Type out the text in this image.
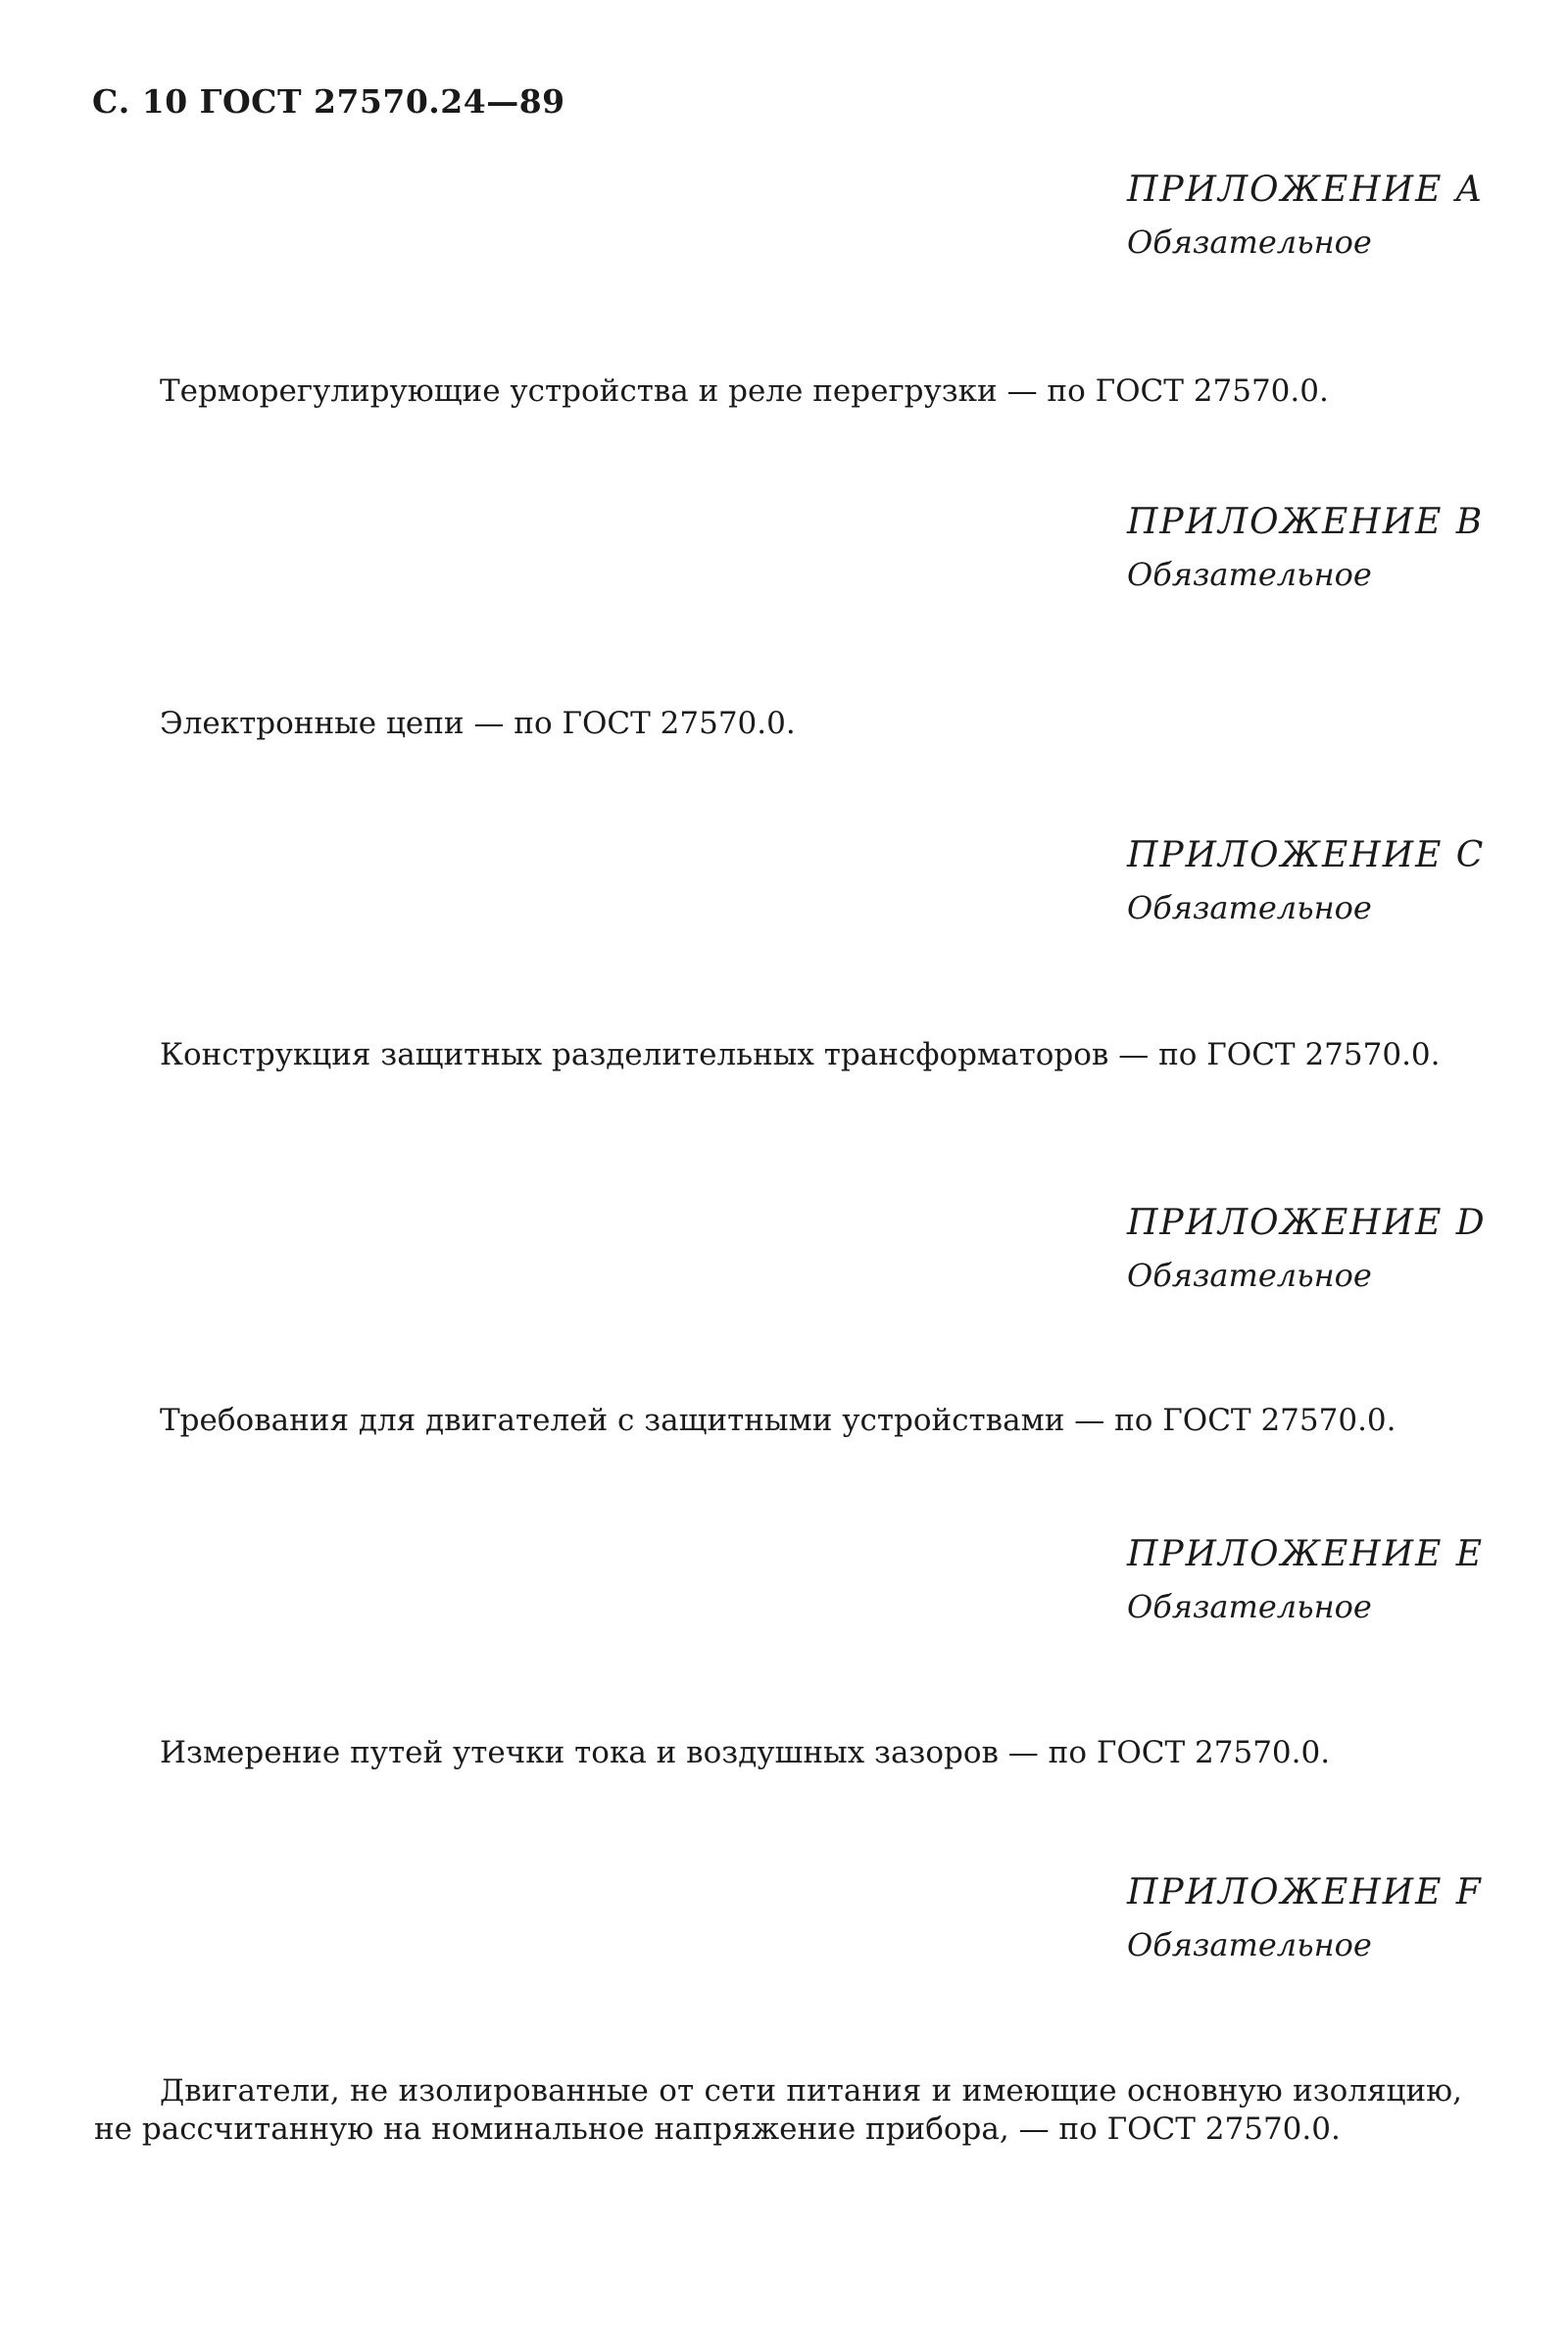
С. 10 ГОСТ 27570.24—89
ПРИЛОЖЕНИЕ A
Обязательное

Терморегулирующие устройства и реле перегрузки — по ГОСТ 27570.0.

ПРИЛОЖЕНИЕ B
Обязательное

Электронные цепи — по ГОСТ 27570.0.

ПРИЛОЖЕНИЕ C
Обязательное

Конструкция защитных разделительных трансформаторов — по ГОСТ 27570.0.

ПРИЛОЖЕНИЕ D
Обязательное

Требования для двигателей с защитными устройствами — по ГОСТ 27570.0.

ПРИЛОЖЕНИЕ E
Обязательное

Измерение путей утечки тока и воздушных зазоров — по ГОСТ 27570.0.

ПРИЛОЖЕНИЕ F
Обязательное

Двигатели, не изолированные от сети питания и имеющие основную изоляцию, не рассчитанную на номинальное напряжение прибора, — по ГОСТ 27570.0.
